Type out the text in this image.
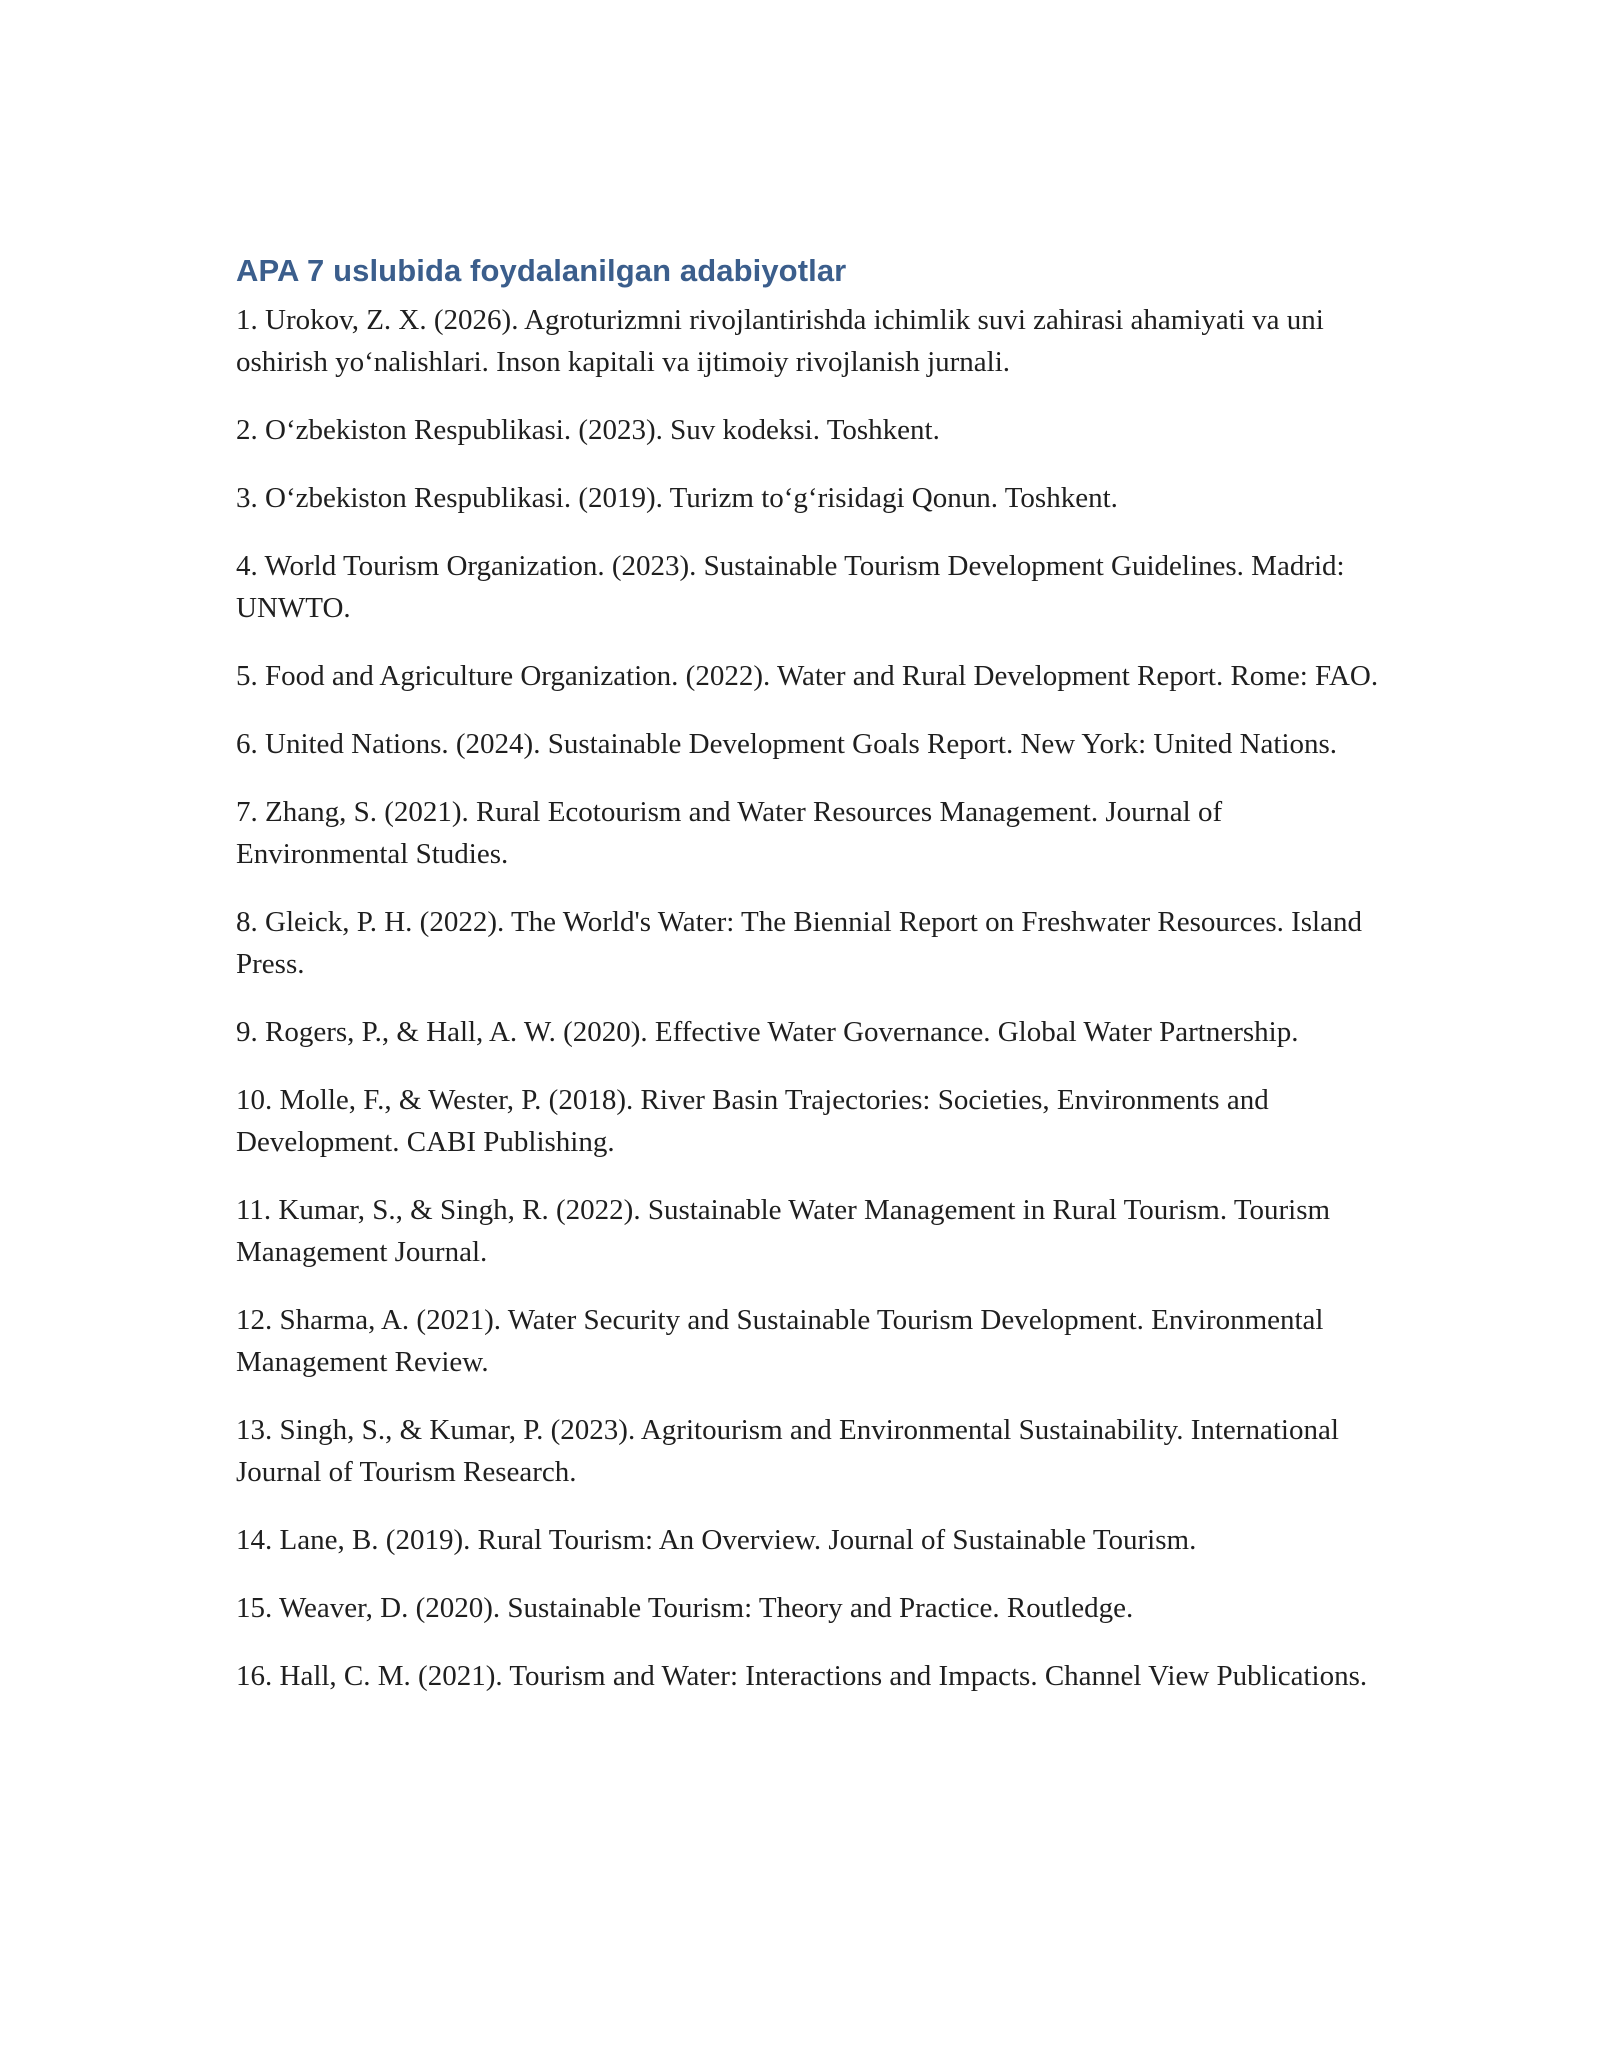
APA 7 uslubida foydalanilgan adabiyotlar
1. Urokov, Z. X. (2026). Agroturizmni rivojlantirishda ichimlik suvi zahirasi ahamiyati va uni oshirish yo‘nalishlari. Inson kapitali va ijtimoiy rivojlanish jurnali.
2. O‘zbekiston Respublikasi. (2023). Suv kodeksi. Toshkent.
3. O‘zbekiston Respublikasi. (2019). Turizm to‘g‘risidagi Qonun. Toshkent.
4. World Tourism Organization. (2023). Sustainable Tourism Development Guidelines. Madrid: UNWTO.
5. Food and Agriculture Organization. (2022). Water and Rural Development Report. Rome: FAO.
6. United Nations. (2024). Sustainable Development Goals Report. New York: United Nations.
7. Zhang, S. (2021). Rural Ecotourism and Water Resources Management. Journal of Environmental Studies.
8. Gleick, P. H. (2022). The World's Water: The Biennial Report on Freshwater Resources. Island Press.
9. Rogers, P., & Hall, A. W. (2020). Effective Water Governance. Global Water Partnership.
10. Molle, F., & Wester, P. (2018). River Basin Trajectories: Societies, Environments and Development. CABI Publishing.
11. Kumar, S., & Singh, R. (2022). Sustainable Water Management in Rural Tourism. Tourism Management Journal.
12. Sharma, A. (2021). Water Security and Sustainable Tourism Development. Environmental Management Review.
13. Singh, S., & Kumar, P. (2023). Agritourism and Environmental Sustainability. International Journal of Tourism Research.
14. Lane, B. (2019). Rural Tourism: An Overview. Journal of Sustainable Tourism.
15. Weaver, D. (2020). Sustainable Tourism: Theory and Practice. Routledge.
16. Hall, C. M. (2021). Tourism and Water: Interactions and Impacts. Channel View Publications.
